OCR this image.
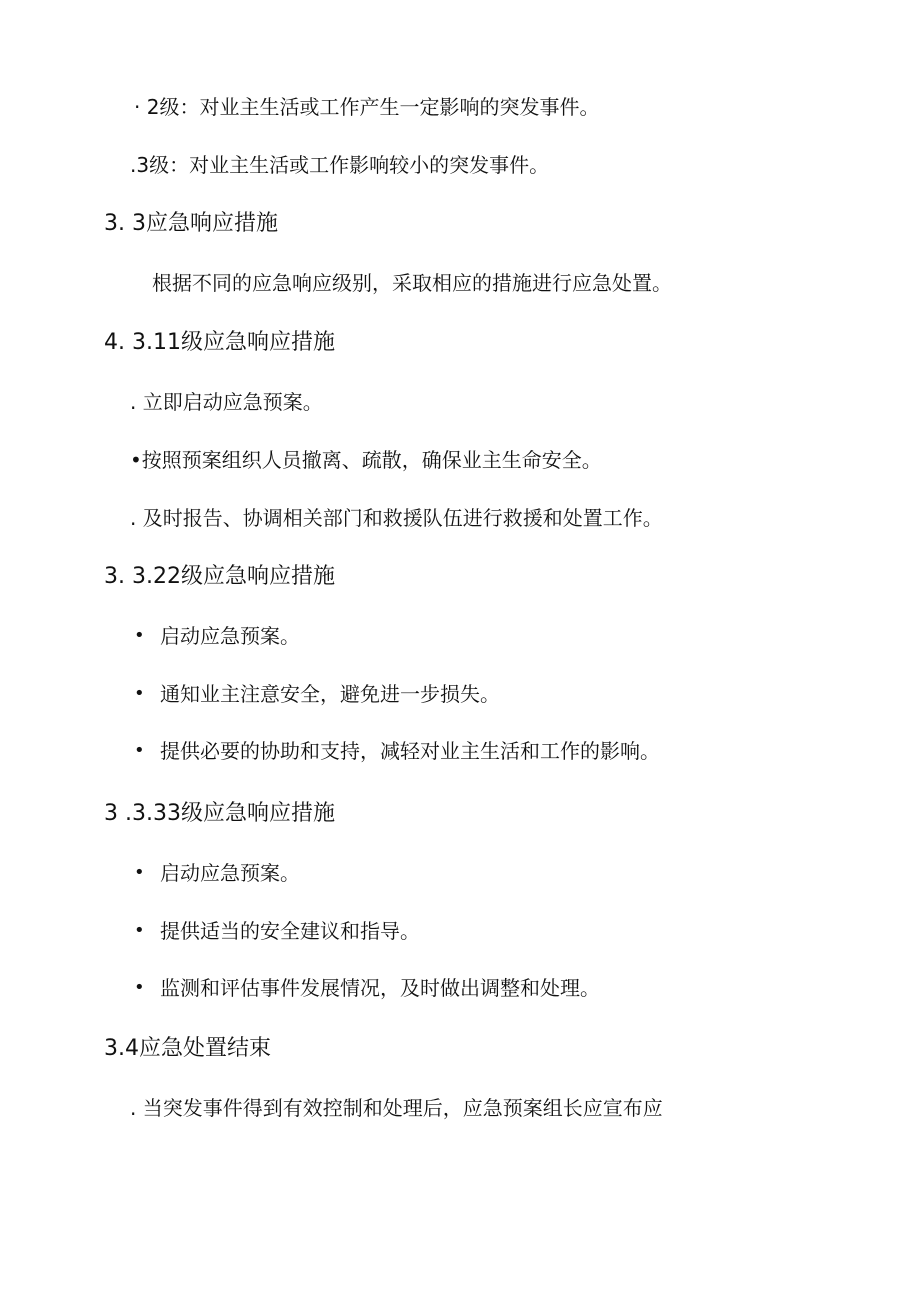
· 2级：对业主生活或工作产生一定影响的突发事件。
.3级：对业主生活或工作影响较小的突发事件。
3. 3应急响应措施
根据不同的应急响应级别，采取相应的措施进行应急处置。
4. 3.11级应急响应措施
. 立即启动应急预案。
•按照预案组织人员撤离、疏散，确保业主生命安全。
. 及时报告、协调相关部门和救援队伍进行救援和处置工作。
3. 3.22级应急响应措施
• 启动应急预案。
• 通知业主注意安全，避免进一步损失。
• 提供必要的协助和支持，减轻对业主生活和工作的影响。
3 .3.33级应急响应措施
• 启动应急预案。
• 提供适当的安全建议和指导。
• 监测和评估事件发展情况，及时做出调整和处理。
3.4应急处置结束
. 当突发事件得到有效控制和处理后，应急预案组长应宣布应
